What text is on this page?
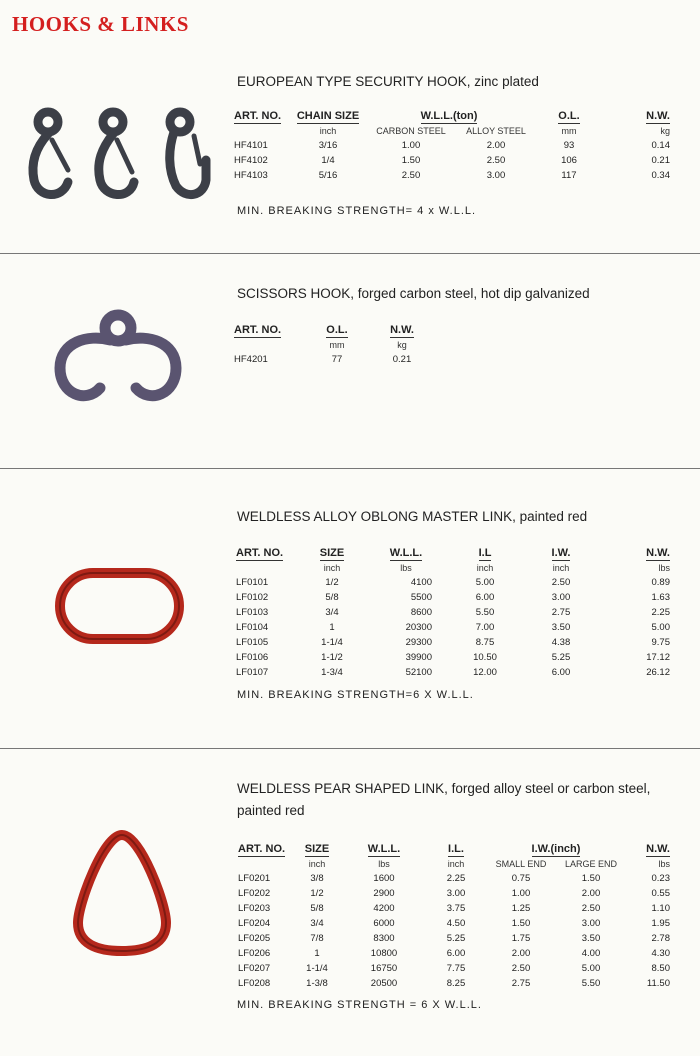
HOOKS & LINKS
EUROPEAN TYPE SECURITY HOOK, zinc plated
ART. NO.	CHAIN SIZE	W.L.L.(ton)		O.L.	N.W.
	inch	CARBON STEEL	ALLOY STEEL	mm	kg
HF4101	3/16	1.00	2.00	93	0.14
HF4102	1/4	1.50	2.50	106	0.21
HF4103	5/16	2.50	3.00	117	0.34
MIN. BREAKING STRENGTH= 4 x W.L.L.
SCISSORS HOOK, forged carbon steel, hot dip galvanized
ART. NO.	O.L.	N.W.
	mm	kg
HF4201	77	0.21
WELDLESS ALLOY OBLONG MASTER LINK, painted red
ART. NO.	SIZE	W.L.L.	I.L	I.W.	N.W.
	inch	lbs	inch	inch	lbs
LF0101	1/2	4100	5.00	2.50	0.89
LF0102	5/8	5500	6.00	3.00	1.63
LF0103	3/4	8600	5.50	2.75	2.25
LF0104	1	20300	7.00	3.50	5.00
LF0105	1-1/4	29300	8.75	4.38	9.75
LF0106	1-1/2	39900	10.50	5.25	17.12
LF0107	1-3/4	52100	12.00	6.00	26.12
MIN. BREAKING STRENGTH=6 X W.L.L.
WELDLESS PEAR SHAPED LINK, forged alloy steel or carbon steel,
painted red
ART. NO.	SIZE	W.L.L.	I.L.	I.W.(inch)		N.W.
	inch	lbs	inch	SMALL END	LARGE END	lbs
LF0201	3/8	1600	2.25	0.75	1.50	0.23
LF0202	1/2	2900	3.00	1.00	2.00	0.55
LF0203	5/8	4200	3.75	1.25	2.50	1.10
LF0204	3/4	6000	4.50	1.50	3.00	1.95
LF0205	7/8	8300	5.25	1.75	3.50	2.78
LF0206	1	10800	6.00	2.00	4.00	4.30
LF0207	1-1/4	16750	7.75	2.50	5.00	8.50
LF0208	1-3/8	20500	8.25	2.75	5.50	11.50
MIN. BREAKING STRENGTH = 6 X W.L.L.
